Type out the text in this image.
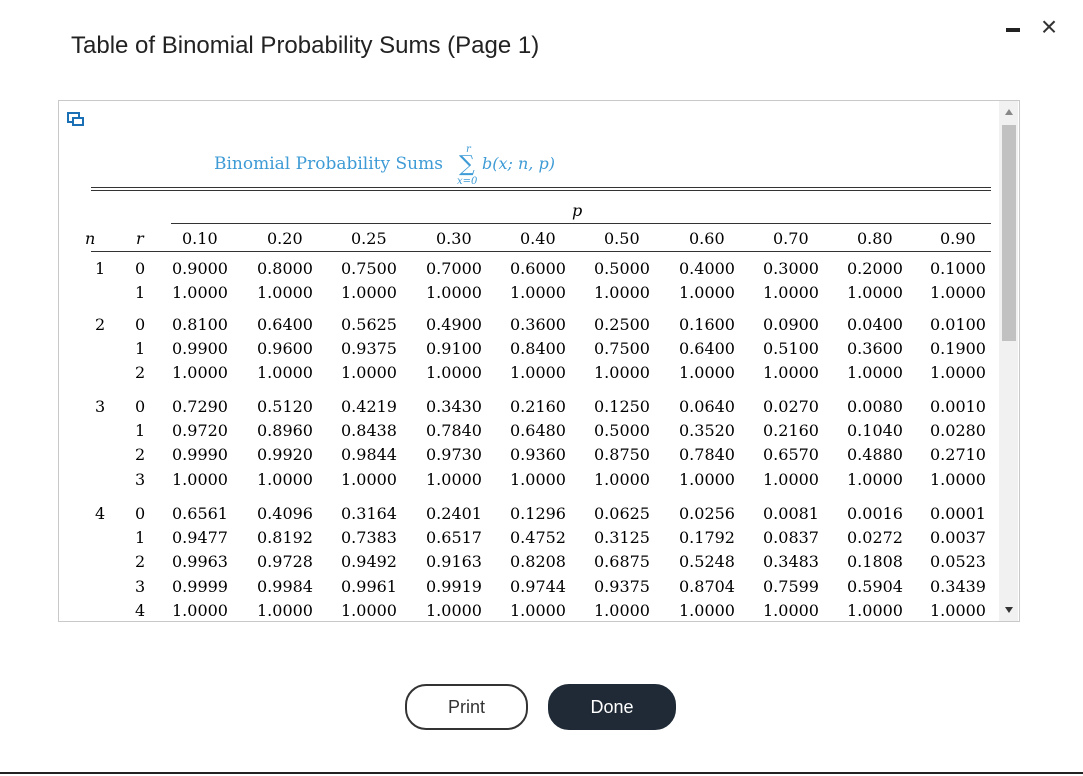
Table of Binomial Probability Sums (Page 1)
×
Binomial Probability Sums
r
∑
x=0
b(x; n, p)
p
n	r 0.10	0.20	0.25	0.30	0.40	0.50	0.60	0.70	0.80	0.90
1 0 0.9000 0.8000 0.7500 0.7000 0.6000 0.5000 0.4000 0.3000 0.2000 0.1000
1 1.0000 1.0000 1.0000 1.0000 1.0000 1.0000 1.0000 1.0000 1.0000 1.0000
2 0 0.8100 0.6400 0.5625 0.4900 0.3600 0.2500 0.1600 0.0900 0.0400 0.0100
1 0.9900 0.9600 0.9375 0.9100 0.8400 0.7500 0.6400 0.5100 0.3600 0.1900
2 1.0000 1.0000 1.0000 1.0000 1.0000 1.0000 1.0000 1.0000 1.0000 1.0000
3 0 0.7290 0.5120 0.4219 0.3430 0.2160 0.1250 0.0640 0.0270 0.0080 0.0010
1 0.9720 0.8960 0.8438 0.7840 0.6480 0.5000 0.3520 0.2160 0.1040 0.0280
2 0.9990 0.9920 0.9844 0.9730 0.9360 0.8750 0.7840 0.6570 0.4880 0.2710
3 1.0000 1.0000 1.0000 1.0000 1.0000 1.0000 1.0000 1.0000 1.0000 1.0000
4 0 0.6561 0.4096 0.3164 0.2401 0.1296 0.0625 0.0256 0.0081 0.0016 0.0001
1 0.9477 0.8192 0.7383 0.6517 0.4752 0.3125 0.1792 0.0837 0.0272 0.0037
2 0.9963 0.9728 0.9492 0.9163 0.8208 0.6875 0.5248 0.3483 0.1808 0.0523
3 0.9999 0.9984 0.9961 0.9919 0.9744 0.9375 0.8704 0.7599 0.5904 0.3439
4 1.0000 1.0000 1.0000 1.0000 1.0000 1.0000 1.0000 1.0000 1.0000 1.0000
Print	Done
